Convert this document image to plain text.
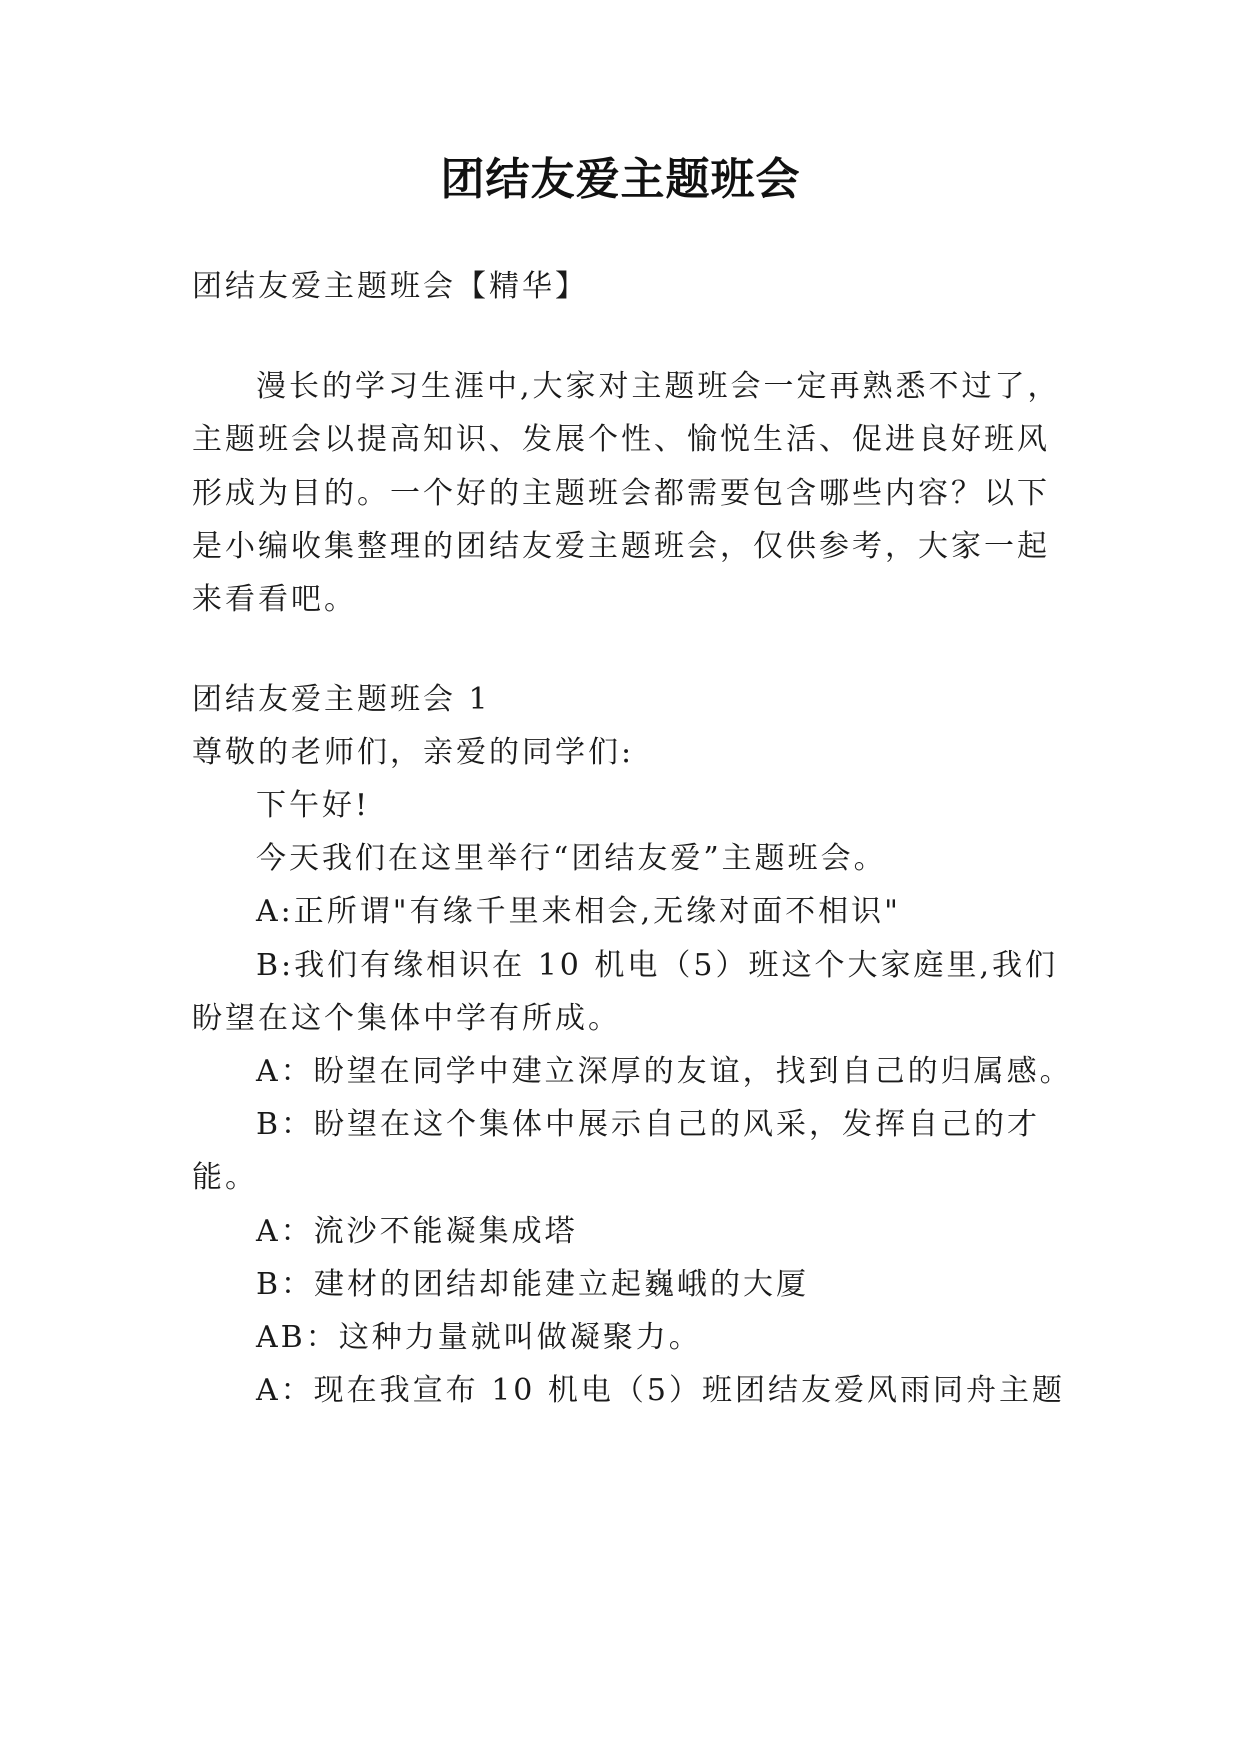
团结友爱主题班会
团结友爱主题班会【精华】
漫长的学习生涯中,大家对主题班会一定再熟悉不过了，
主题班会以提高知识、发展个性、愉悦生活、促进良好班风
形成为目的。一个好的主题班会都需要包含哪些内容？以下
是小编收集整理的团结友爱主题班会，仅供参考，大家一起
来看看吧。
团结友爱主题班会 1
尊敬的老师们，亲爱的同学们:
下午好!
今天我们在这里举行“团结友爱”主题班会。
A:正所谓"有缘千里来相会,无缘对面不相识"
B:我们有缘相识在 10 机电（5）班这个大家庭里,我们
盼望在这个集体中学有所成。
A：盼望在同学中建立深厚的友谊，找到自己的归属感。
B：盼望在这个集体中展示自己的风采，发挥自己的才
能。
A：流沙不能凝集成塔
B：建材的团结却能建立起巍峨的大厦
AB：这种力量就叫做凝聚力。
A：现在我宣布 10 机电（5）班团结友爱风雨同舟主题
